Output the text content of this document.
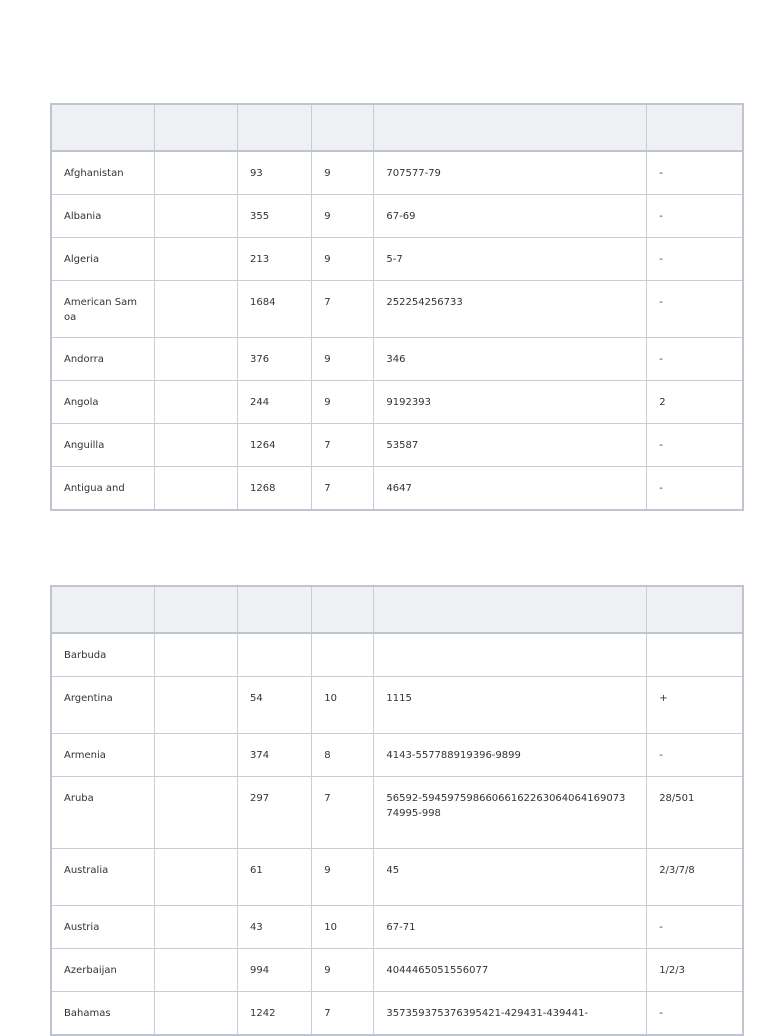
Afghanistan		93	9	707577-79	-
Albania		355	9	67-69	-
Algeria		213	9	5-7	-
American Samoa		1684	7	252254256733	-
Andorra		376	9	346	-
Angola		244	9	9192393	2
Anguilla		1264	7	53587	-
Antigua and		1268	7	4647	-

Barbuda					
Argentina		54	10	1115	+
Armenia		374	8	4143-557788919396-9899	-
Aruba		297	7	56592-59459759866066162263064064169073 74995-998	28/501
Australia		61	9	45	2/3/7/8
Austria		43	10	67-71	-
Azerbaijan		994	9	4044465051556077	1/2/3
Bahamas		1242	7	357359375376395421-429431-439441-	-
